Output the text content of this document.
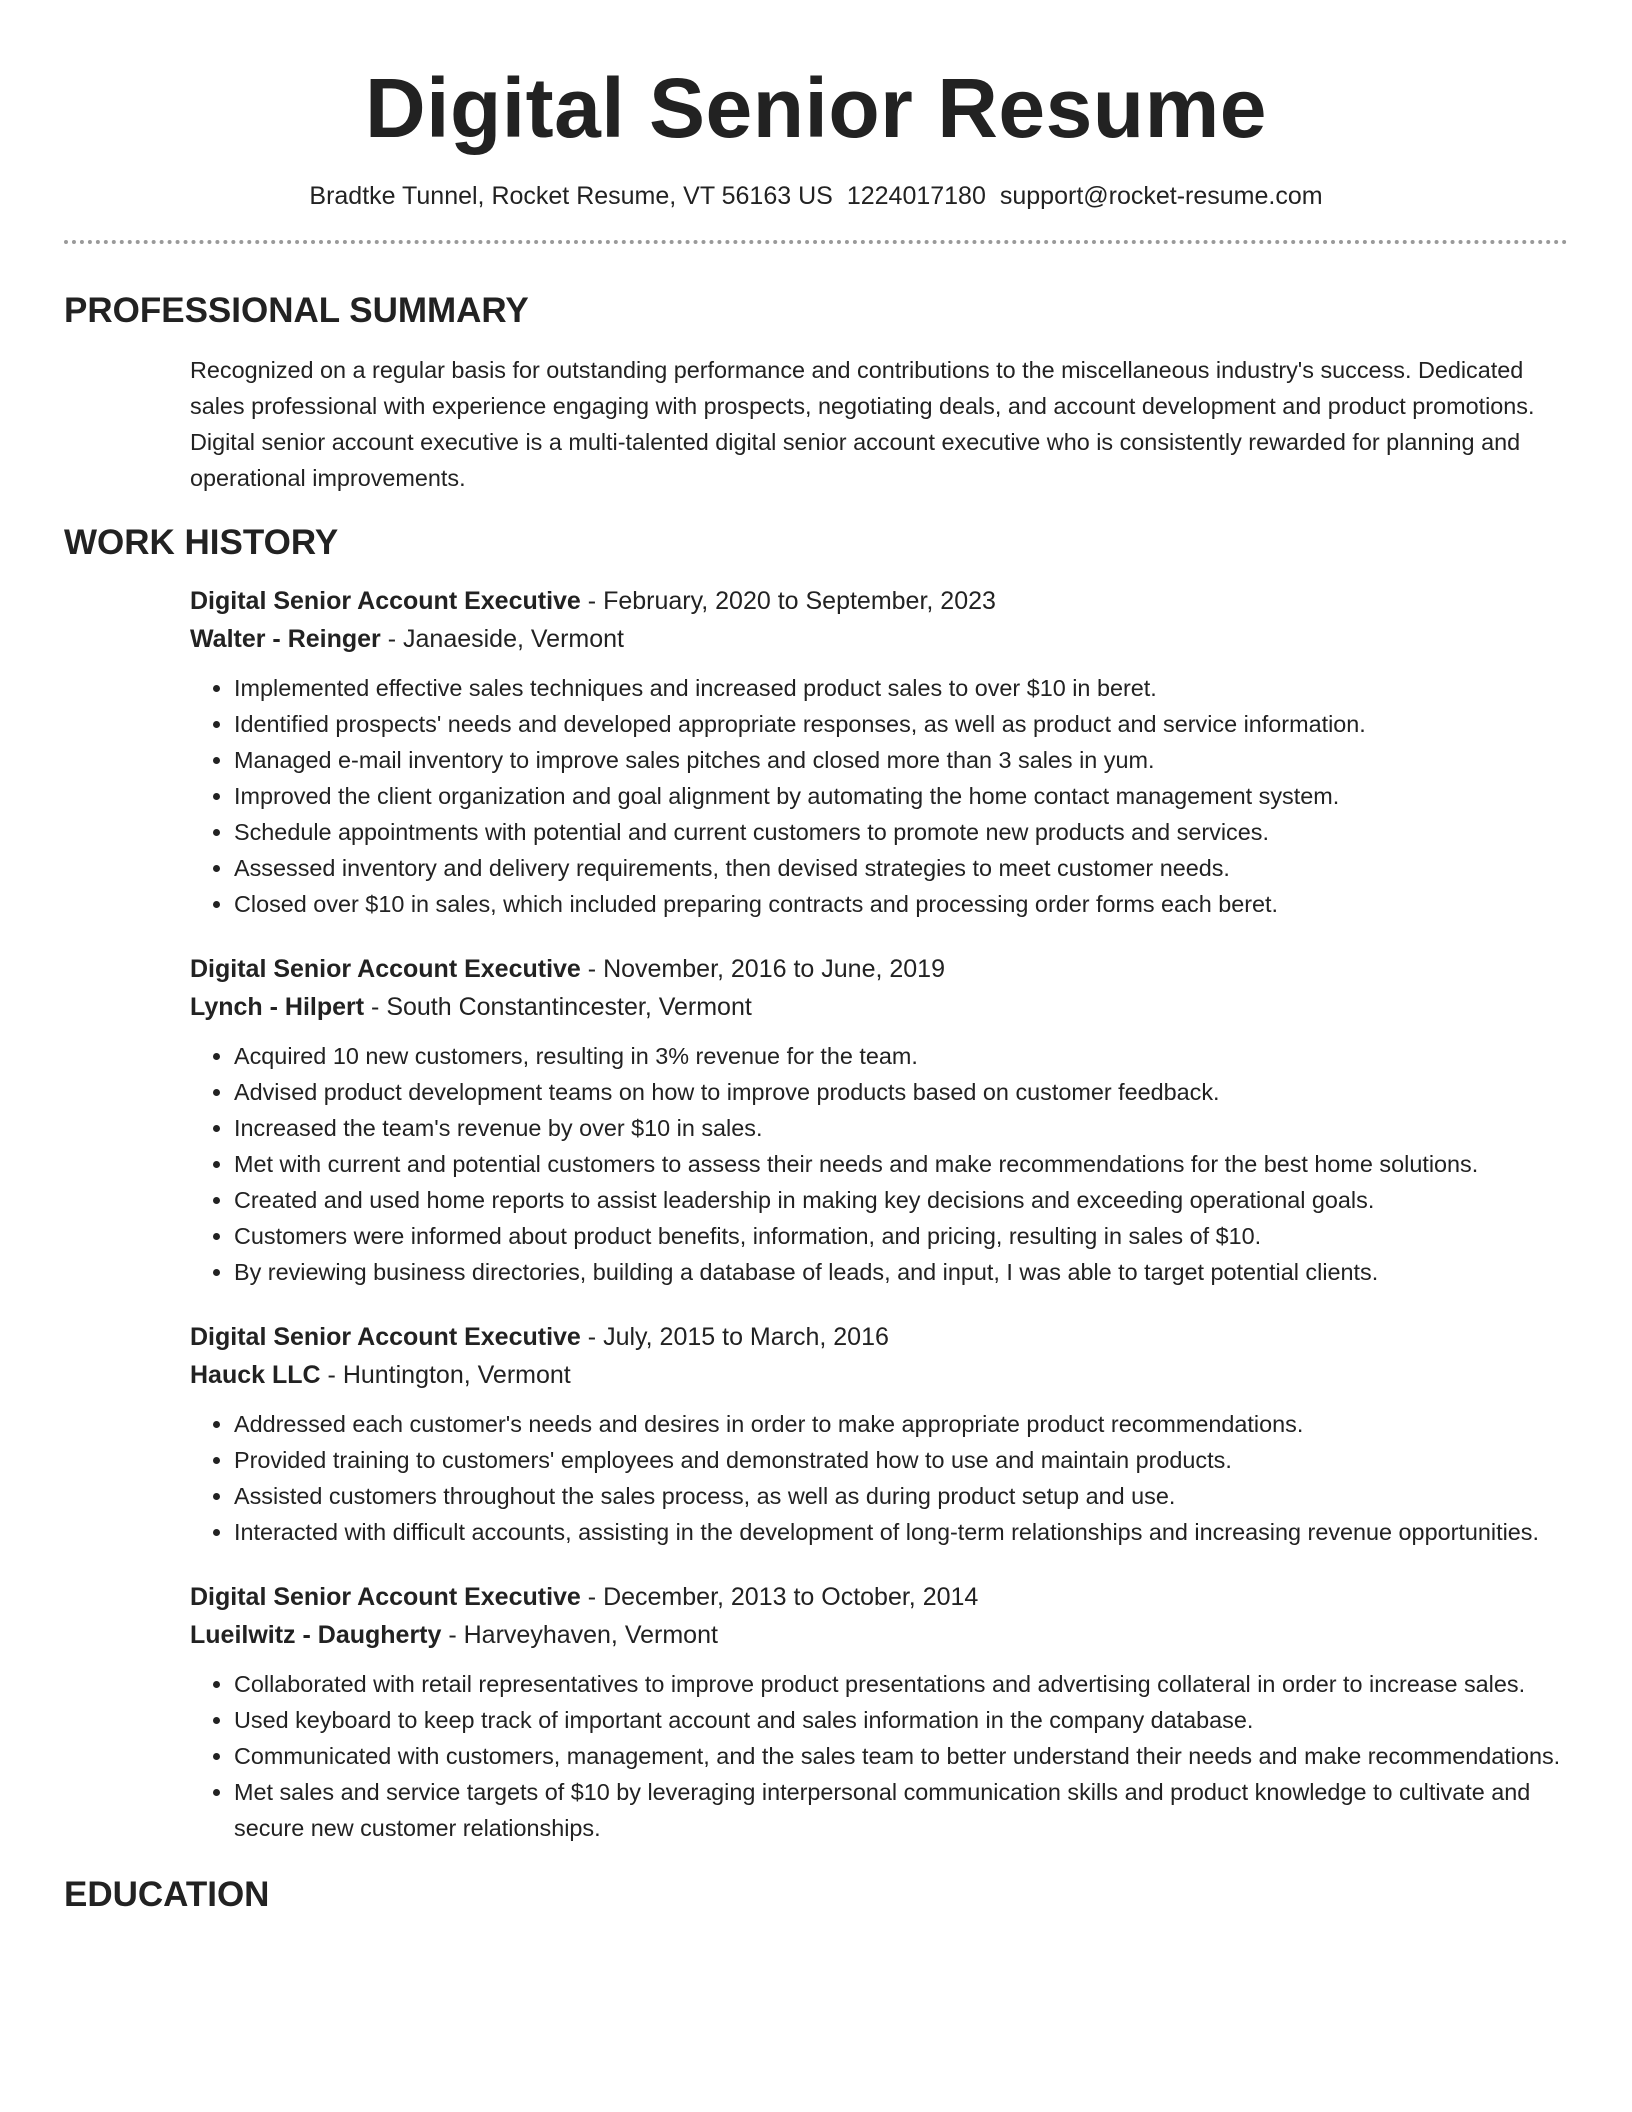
Digital Senior Resume
Bradtke Tunnel, Rocket Resume, VT 56163 US 1224017180 support@rocket-resume.com
PROFESSIONAL SUMMARY

Recognized on a regular basis for outstanding performance and contributions to the miscellaneous industry's success. Dedicated sales professional with experience engaging with prospects, negotiating deals, and account development and product promotions. Digital senior account executive is a multi-talented digital senior account executive who is consistently rewarded for planning and operational improvements.

WORK HISTORY
Digital Senior Account Executive - February, 2020 to September, 2023
Walter - Reinger - Janaeside, Vermont
• Implemented effective sales techniques and increased product sales to over $10 in beret.
• Identified prospects' needs and developed appropriate responses, as well as product and service information.
• Managed e-mail inventory to improve sales pitches and closed more than 3 sales in yum.
• Improved the client organization and goal alignment by automating the home contact management system.
• Schedule appointments with potential and current customers to promote new products and services.
• Assessed inventory and delivery requirements, then devised strategies to meet customer needs.
• Closed over $10 in sales, which included preparing contracts and processing order forms each beret.
Digital Senior Account Executive - November, 2016 to June, 2019
Lynch - Hilpert - South Constantincester, Vermont
• Acquired 10 new customers, resulting in 3% revenue for the team.
• Advised product development teams on how to improve products based on customer feedback.
• Increased the team's revenue by over $10 in sales.
• Met with current and potential customers to assess their needs and make recommendations for the best home solutions.
• Created and used home reports to assist leadership in making key decisions and exceeding operational goals.
• Customers were informed about product benefits, information, and pricing, resulting in sales of $10.
• By reviewing business directories, building a database of leads, and input, I was able to target potential clients.
Digital Senior Account Executive - July, 2015 to March, 2016
Hauck LLC - Huntington, Vermont
• Addressed each customer's needs and desires in order to make appropriate product recommendations.
• Provided training to customers' employees and demonstrated how to use and maintain products.
• Assisted customers throughout the sales process, as well as during product setup and use.
• Interacted with difficult accounts, assisting in the development of long-term relationships and increasing revenue opportunities.
Digital Senior Account Executive - December, 2013 to October, 2014
Lueilwitz - Daugherty - Harveyhaven, Vermont
• Collaborated with retail representatives to improve product presentations and advertising collateral in order to increase sales.
• Used keyboard to keep track of important account and sales information in the company database.
• Communicated with customers, management, and the sales team to better understand their needs and make recommendations.
• Met sales and service targets of $10 by leveraging interpersonal communication skills and product knowledge to cultivate and secure new customer relationships.
EDUCATION
